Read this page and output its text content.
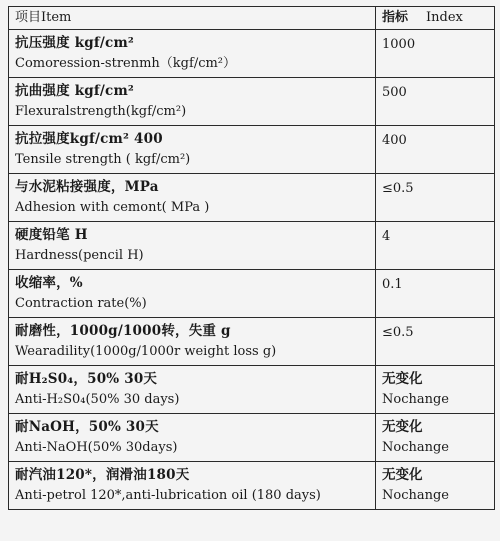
项目Item	指标 Index

抗压强度 kgf/cm²
Comoression-strenmh（kgf/cm²）	1000

抗曲强度 kgf/cm²
Flexuralstrength(kgf/cm²)	500

抗拉强度kgf/cm² 400
Tensile strength ( kgf/cm²)	400

与水泥粘接强度，MPa
Adhesion with cemont( MPa )	≤0.5

硬度铅笔 H
Hardness(pencil H)	4

收缩率，%
Contraction rate(%)	0.1

耐磨性，1000g/1000转，失重 g
Wearadility(1000g/1000r weight loss g)	≤0.5

耐H₂S0₄，50% 30天
Anti-H₂S0₄(50% 30 days)	无变化
Nochange

耐NaOH，50% 30天
Anti-NaOH(50% 30days)	无变化
Nochange

耐汽油120*，润滑油180天
Anti-petrol 120*,anti-lubrication oil (180 days)	无变化
Nochange
